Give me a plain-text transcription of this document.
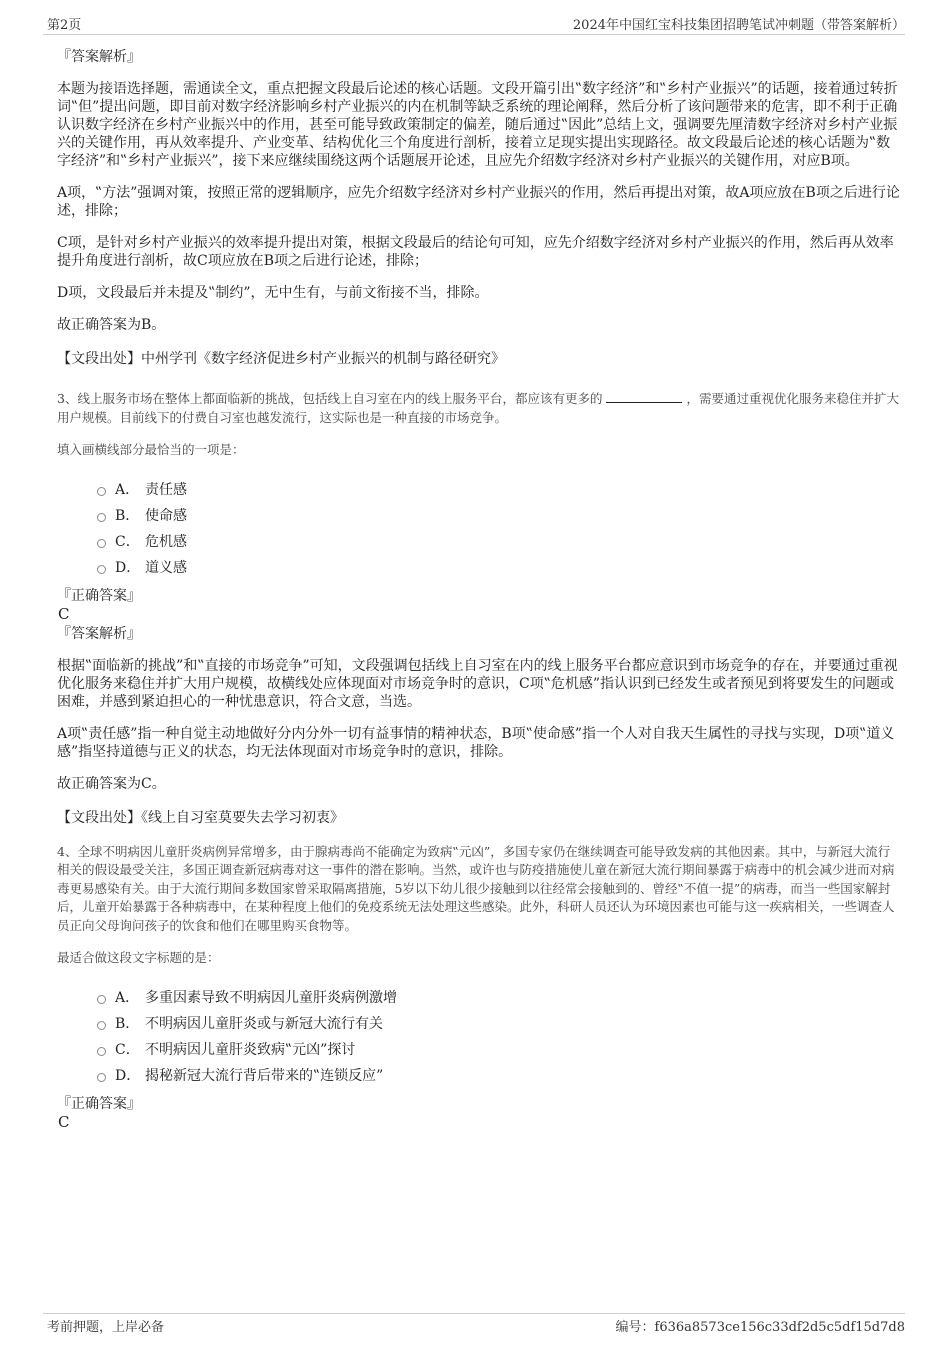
第2页	2024年中国红宝科技集团招聘笔试冲刺题（带答案解析）

『答案解析』

本题为接语选择题，需通读全文，重点把握文段最后论述的核心话题。文段开篇引出‟数字经济”和‟乡村产业振兴”的话题，接着通过转折词‟但”提出问题，即目前对数字经济影响乡村产业振兴的内在机制等缺乏系统的理论阐释，然后分析了该问题带来的危害，即不利于正确认识数字经济在乡村产业振兴中的作用，甚至可能导致政策制定的偏差，随后通过‟因此”总结上文，强调要先厘清数字经济对乡村产业振兴的关键作用，再从效率提升、产业变革、结构优化三个角度进行剖析，接着立足现实提出实现路径。故文段最后论述的核心话题为‟数字经济”和‟乡村产业振兴”，接下来应继续围绕这两个话题展开论述，且应先介绍数字经济对乡村产业振兴的关键作用，对应B项。

A项，‟方法”强调对策，按照正常的逻辑顺序，应先介绍数字经济对乡村产业振兴的作用，然后再提出对策，故A项应放在B项之后进行论述，排除；

C项，是针对乡村产业振兴的效率提升提出对策，根据文段最后的结论句可知，应先介绍数字经济对乡村产业振兴的作用，然后再从效率提升角度进行剖析，故C项应放在B项之后进行论述，排除；

D项，文段最后并未提及‟制约”，无中生有，与前文衔接不当，排除。

故正确答案为B。

【文段出处】中州学刊《数字经济促进乡村产业振兴的机制与路径研究》

3、线上服务市场在整体上都面临新的挑战，包括线上自习室在内的线上服务平台，都应该有更多的	，需要通过重视优化服务来稳住并扩大用户规模。目前线下的付费自习室也越发流行，这实际也是一种直接的市场竞争。

填入画横线部分最恰当的一项是：

A． 责任感
B． 使命感
C． 危机感
D． 道义感

『正确答案』

C

『答案解析』

根据‟面临新的挑战”和‟直接的市场竞争”可知，文段强调包括线上自习室在内的线上服务平台都应意识到市场竞争的存在，并要通过重视优化服务来稳住并扩大用户规模，故横线处应体现面对市场竞争时的意识，C项‟危机感”指认识到已经发生或者预见到将要发生的问题或困难，并感到紧迫担心的一种忧患意识，符合文意，当选。

A项‟责任感”指一种自觉主动地做好分内分外一切有益事情的精神状态，B项‟使命感”指一个人对自我天生属性的寻找与实现，D项‟道义感”指坚持道德与正义的状态，均无法体现面对市场竞争时的意识，排除。

故正确答案为C。

【文段出处】《线上自习室莫要失去学习初衷》

4、全球不明病因儿童肝炎病例异常增多，由于腺病毒尚不能确定为致病‟元凶”，多国专家仍在继续调查可能导致发病的其他因素。其中，与新冠大流行相关的假设最受关注，多国正调查新冠病毒对这一事件的潜在影响。当然，或许也与防疫措施使儿童在新冠大流行期间暴露于病毒中的机会减少进而对病毒更易感染有关。由于大流行期间多数国家曾采取隔离措施，5岁以下幼儿很少接触到以往经常会接触到的、曾经‟不值一提”的病毒，而当一些国家解封后，儿童开始暴露于各种病毒中，在某种程度上他们的免疫系统无法处理这些感染。此外，科研人员还认为环境因素也可能与这一疾病相关，一些调查人员正向父母询问孩子的饮食和他们在哪里购买食物等。

最适合做这段文字标题的是：

A． 多重因素导致不明病因儿童肝炎病例激增
B． 不明病因儿童肝炎或与新冠大流行有关
C． 不明病因儿童肝炎致病‟元凶”探讨
D． 揭秘新冠大流行背后带来的‟连锁反应”

『正确答案』

C

考前押题，上岸必备	编号：f636a8573ce156c33df2d5c5df15d7d8
